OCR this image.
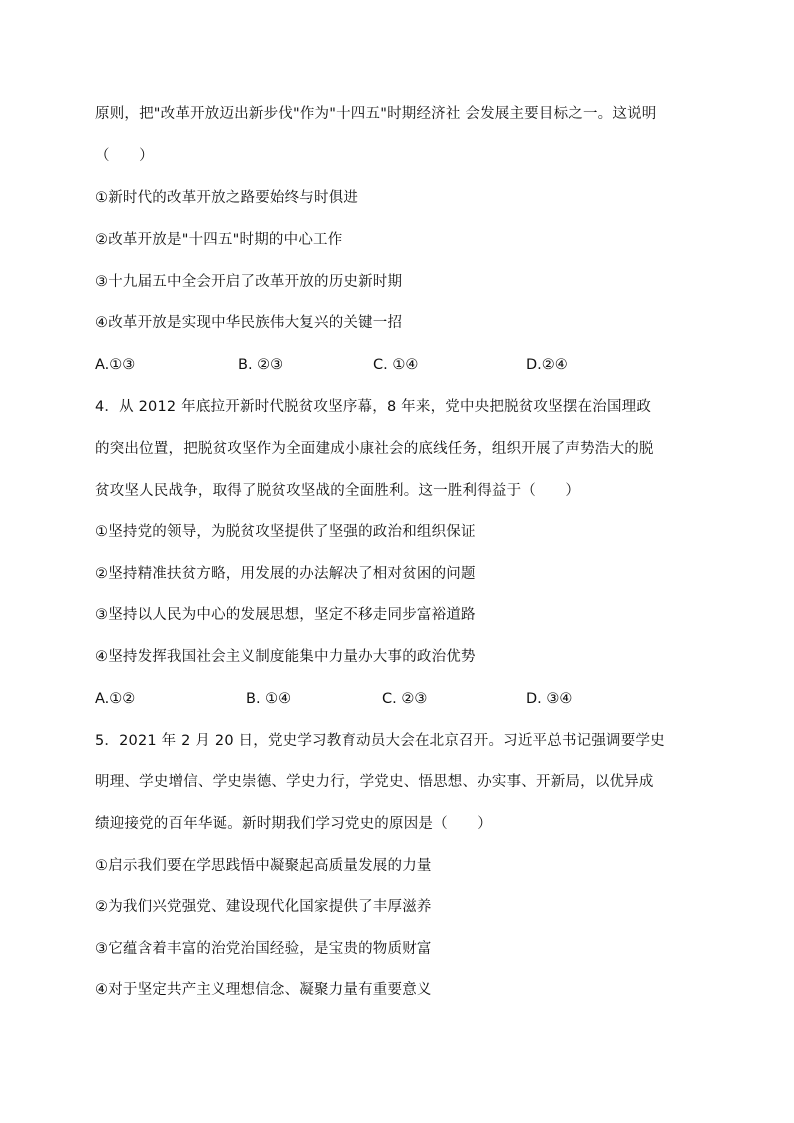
原则，把"改革开放迈出新步伐"作为"十四五"时期经济社 会发展主要目标之一。这说明
（　　）
①新时代的改革开放之路要始终与时俱进
②改革开放是"十四五"时期的中心工作
③十九届五中全会开启了改革开放的历史新时期
④改革开放是实现中华民族伟大复兴的关键一招
A.①③	B. ②③	C. ①④	D.②④
4．从 2012 年底拉开新时代脱贫攻坚序幕，8 年来，党中央把脱贫攻坚摆在治国理政
的突出位置，把脱贫攻坚作为全面建成小康社会的底线任务，组织开展了声势浩大的脱
贫攻坚人民战争，取得了脱贫攻坚战的全面胜利。这一胜利得益于（　　）
①坚持党的领导，为脱贫攻坚提供了坚强的政治和组织保证
②坚持精准扶贫方略，用发展的办法解决了相对贫困的问题
③坚持以人民为中心的发展思想，坚定不移走同步富裕道路
④坚持发挥我国社会主义制度能集中力量办大事的政治优势
A.①②	B. ①④	C. ②③	D. ③④
5．2021 年 2 月 20 日，党史学习教育动员大会在北京召开。习近平总书记强调要学史
明理、学史增信、学史崇德、学史力行，学党史、悟思想、办实事、开新局，以优异成
绩迎接党的百年华诞。新时期我们学习党史的原因是（　　）
①启示我们要在学思践悟中凝聚起高质量发展的力量
②为我们兴党强党、建设现代化国家提供了丰厚滋养
③它蕴含着丰富的治党治国经验，是宝贵的物质财富
④对于坚定共产主义理想信念、凝聚力量有重要意义
